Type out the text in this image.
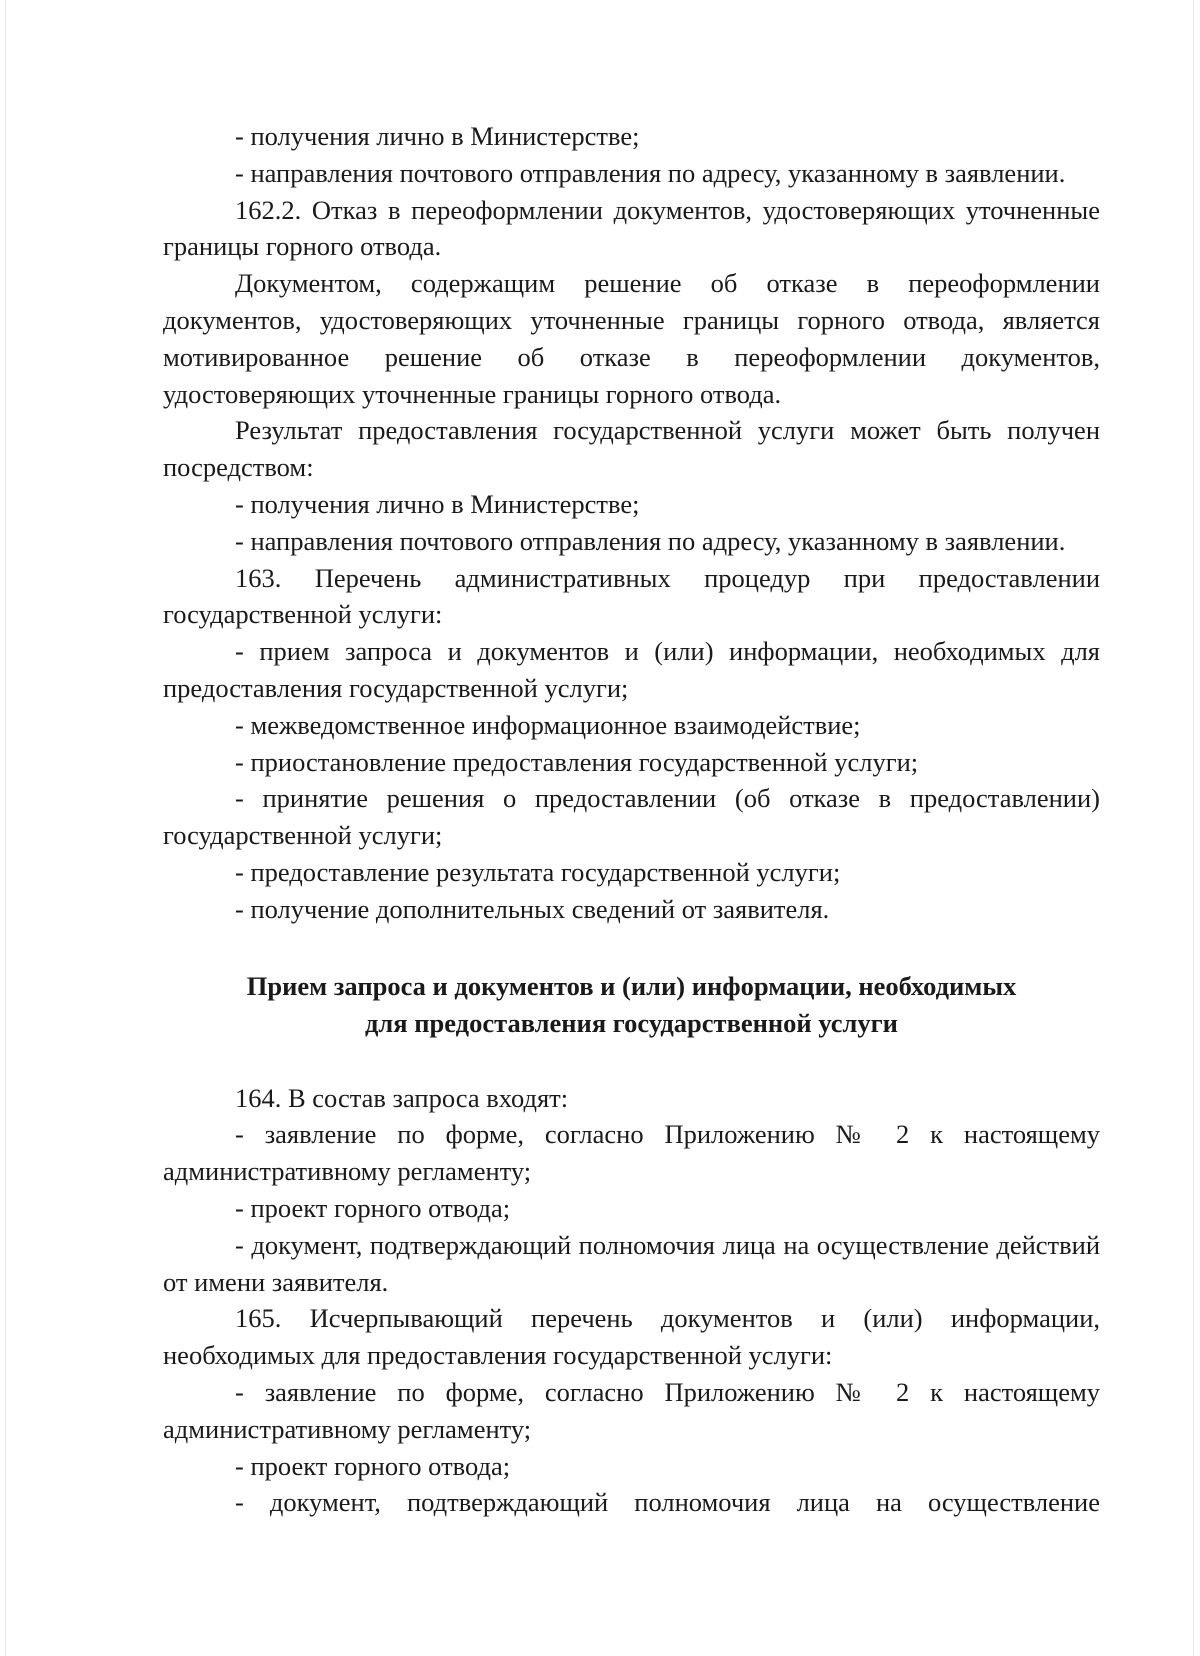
- получения лично в Министерстве;

- направления почтового отправления по адресу, указанному в заявлении.

162.2. Отказ в переоформлении документов, удостоверяющих уточненные границы горного отвода.

Документом, содержащим решение об отказе в переоформлении документов, удостоверяющих уточненные границы горного отвода, является мотивированное решение об отказе в переоформлении документов, удостоверяющих уточненные границы горного отвода.

Результат предоставления государственной услуги может быть получен посредством:

- получения лично в Министерстве;

- направления почтового отправления по адресу, указанному в заявлении.

163. Перечень административных процедур при предоставлении государственной услуги:

- прием запроса и документов и (или) информации, необходимых для предоставления государственной услуги;

- межведомственное информационное взаимодействие;

- приостановление предоставления государственной услуги;

- принятие решения о предоставлении (об отказе в предоставлении) государственной услуги;

- предоставление результата государственной услуги;

- получение дополнительных сведений от заявителя.

Прием запроса и документов и (или) информации, необходимых
для предоставления государственной услуги

164. В состав запроса входят:

- заявление по форме, согласно Приложению № 2 к настоящему административному регламенту;

- проект горного отвода;

- документ, подтверждающий полномочия лица на осуществление действий от имени заявителя.

165. Исчерпывающий перечень документов и (или) информации, необходимых для предоставления государственной услуги:

- заявление по форме, согласно Приложению № 2 к настоящему административному регламенту;

- проект горного отвода;

- документ, подтверждающий полномочия лица на осуществление
